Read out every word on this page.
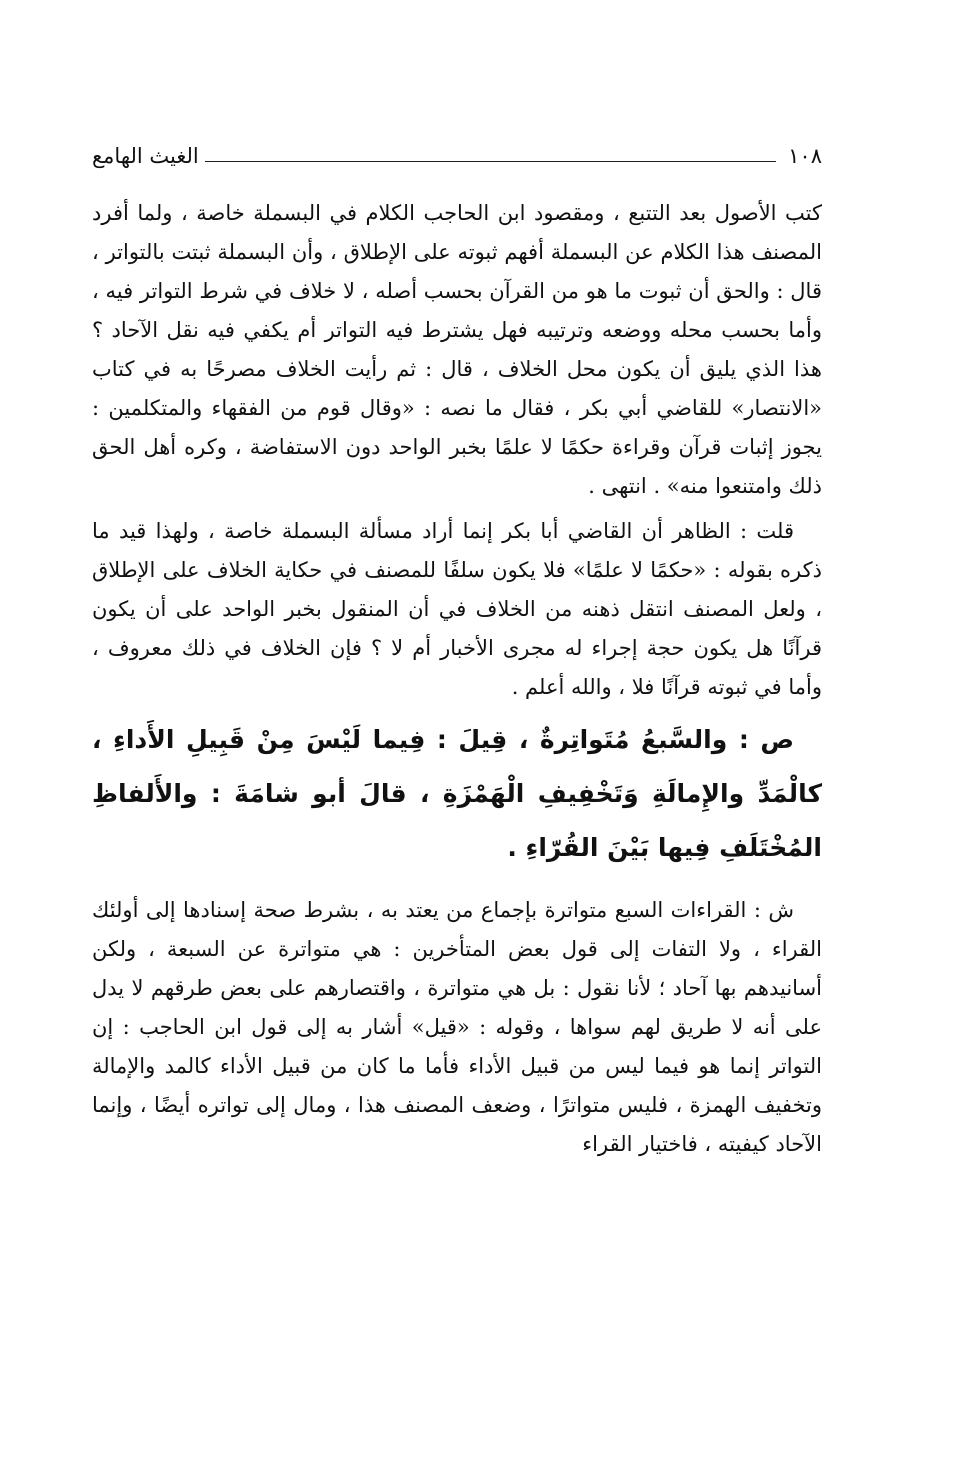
١٠٨
الغيث الهامع

كتب الأصول بعد التتبع ، ومقصود ابن الحاجب الكلام في البسملة خاصة ، ولما أفرد المصنف هذا الكلام عن البسملة أفهم ثبوته على الإطلاق ، وأن البسملة ثبتت بالتواتر ، قال : والحق أن ثبوت ما هو من القرآن بحسب أصله ، لا خلاف في شرط التواتر فيه ، وأما بحسب محله ووضعه وترتيبه فهل يشترط فيه التواتر أم يكفي فيه نقل الآحاد ؟ هذا الذي يليق أن يكون محل الخلاف ، قال : ثم رأيت الخلاف مصرحًا به في كتاب «الانتصار» للقاضي أبي بكر ، فقال ما نصه : «وقال قوم من الفقهاء والمتكلمين : يجوز إثبات قرآن وقراءة حكمًا لا علمًا بخبر الواحد دون الاستفاضة ، وكره أهل الحق ذلك وامتنعوا منه» . انتهى .

قلت : الظاهر أن القاضي أبا بكر إنما أراد مسألة البسملة خاصة ، ولهذا قيد ما ذكره بقوله : «حكمًا لا علمًا» فلا يكون سلفًا للمصنف في حكاية الخلاف على الإطلاق ، ولعل المصنف انتقل ذهنه من الخلاف في أن المنقول بخبر الواحد على أن يكون قرآنًا هل يكون حجة إجراء له مجرى الأخبار أم لا ؟ فإن الخلاف في ذلك معروف ، وأما في ثبوته قرآنًا فلا ، والله أعلم .

ص : والسَّبعُ مُتَواتِرةٌ ، قِيلَ : فِيما لَيْسَ مِنْ قَبِيلِ الأَداءِ ، كالْمَدِّ والإِمالَةِ وَتَخْفِيفِ الْهَمْزَةِ ، قالَ أبو شامَةَ : والأَلفاظِ المُخْتَلَفِ فِيها بَيْنَ القُرّاءِ .

ش : القراءات السبع متواترة بإجماع من يعتد به ، بشرط صحة إسنادها إلى أولئك القراء ، ولا التفات إلى قول بعض المتأخرين : هي متواترة عن السبعة ، ولكن أسانيدهم بها آحاد ؛ لأنا نقول : بل هي متواترة ، واقتصارهم على بعض طرقهم لا يدل على أنه لا طريق لهم سواها ، وقوله : «قيل» أشار به إلى قول ابن الحاجب : إن التواتر إنما هو فيما ليس من قبيل الأداء فأما ما كان من قبيل الأداء كالمد والإمالة وتخفيف الهمزة ، فليس متواترًا ، وضعف المصنف هذا ، ومال إلى تواتره أيضًا ، وإنما الآحاد كيفيته ، فاختيار القراء
